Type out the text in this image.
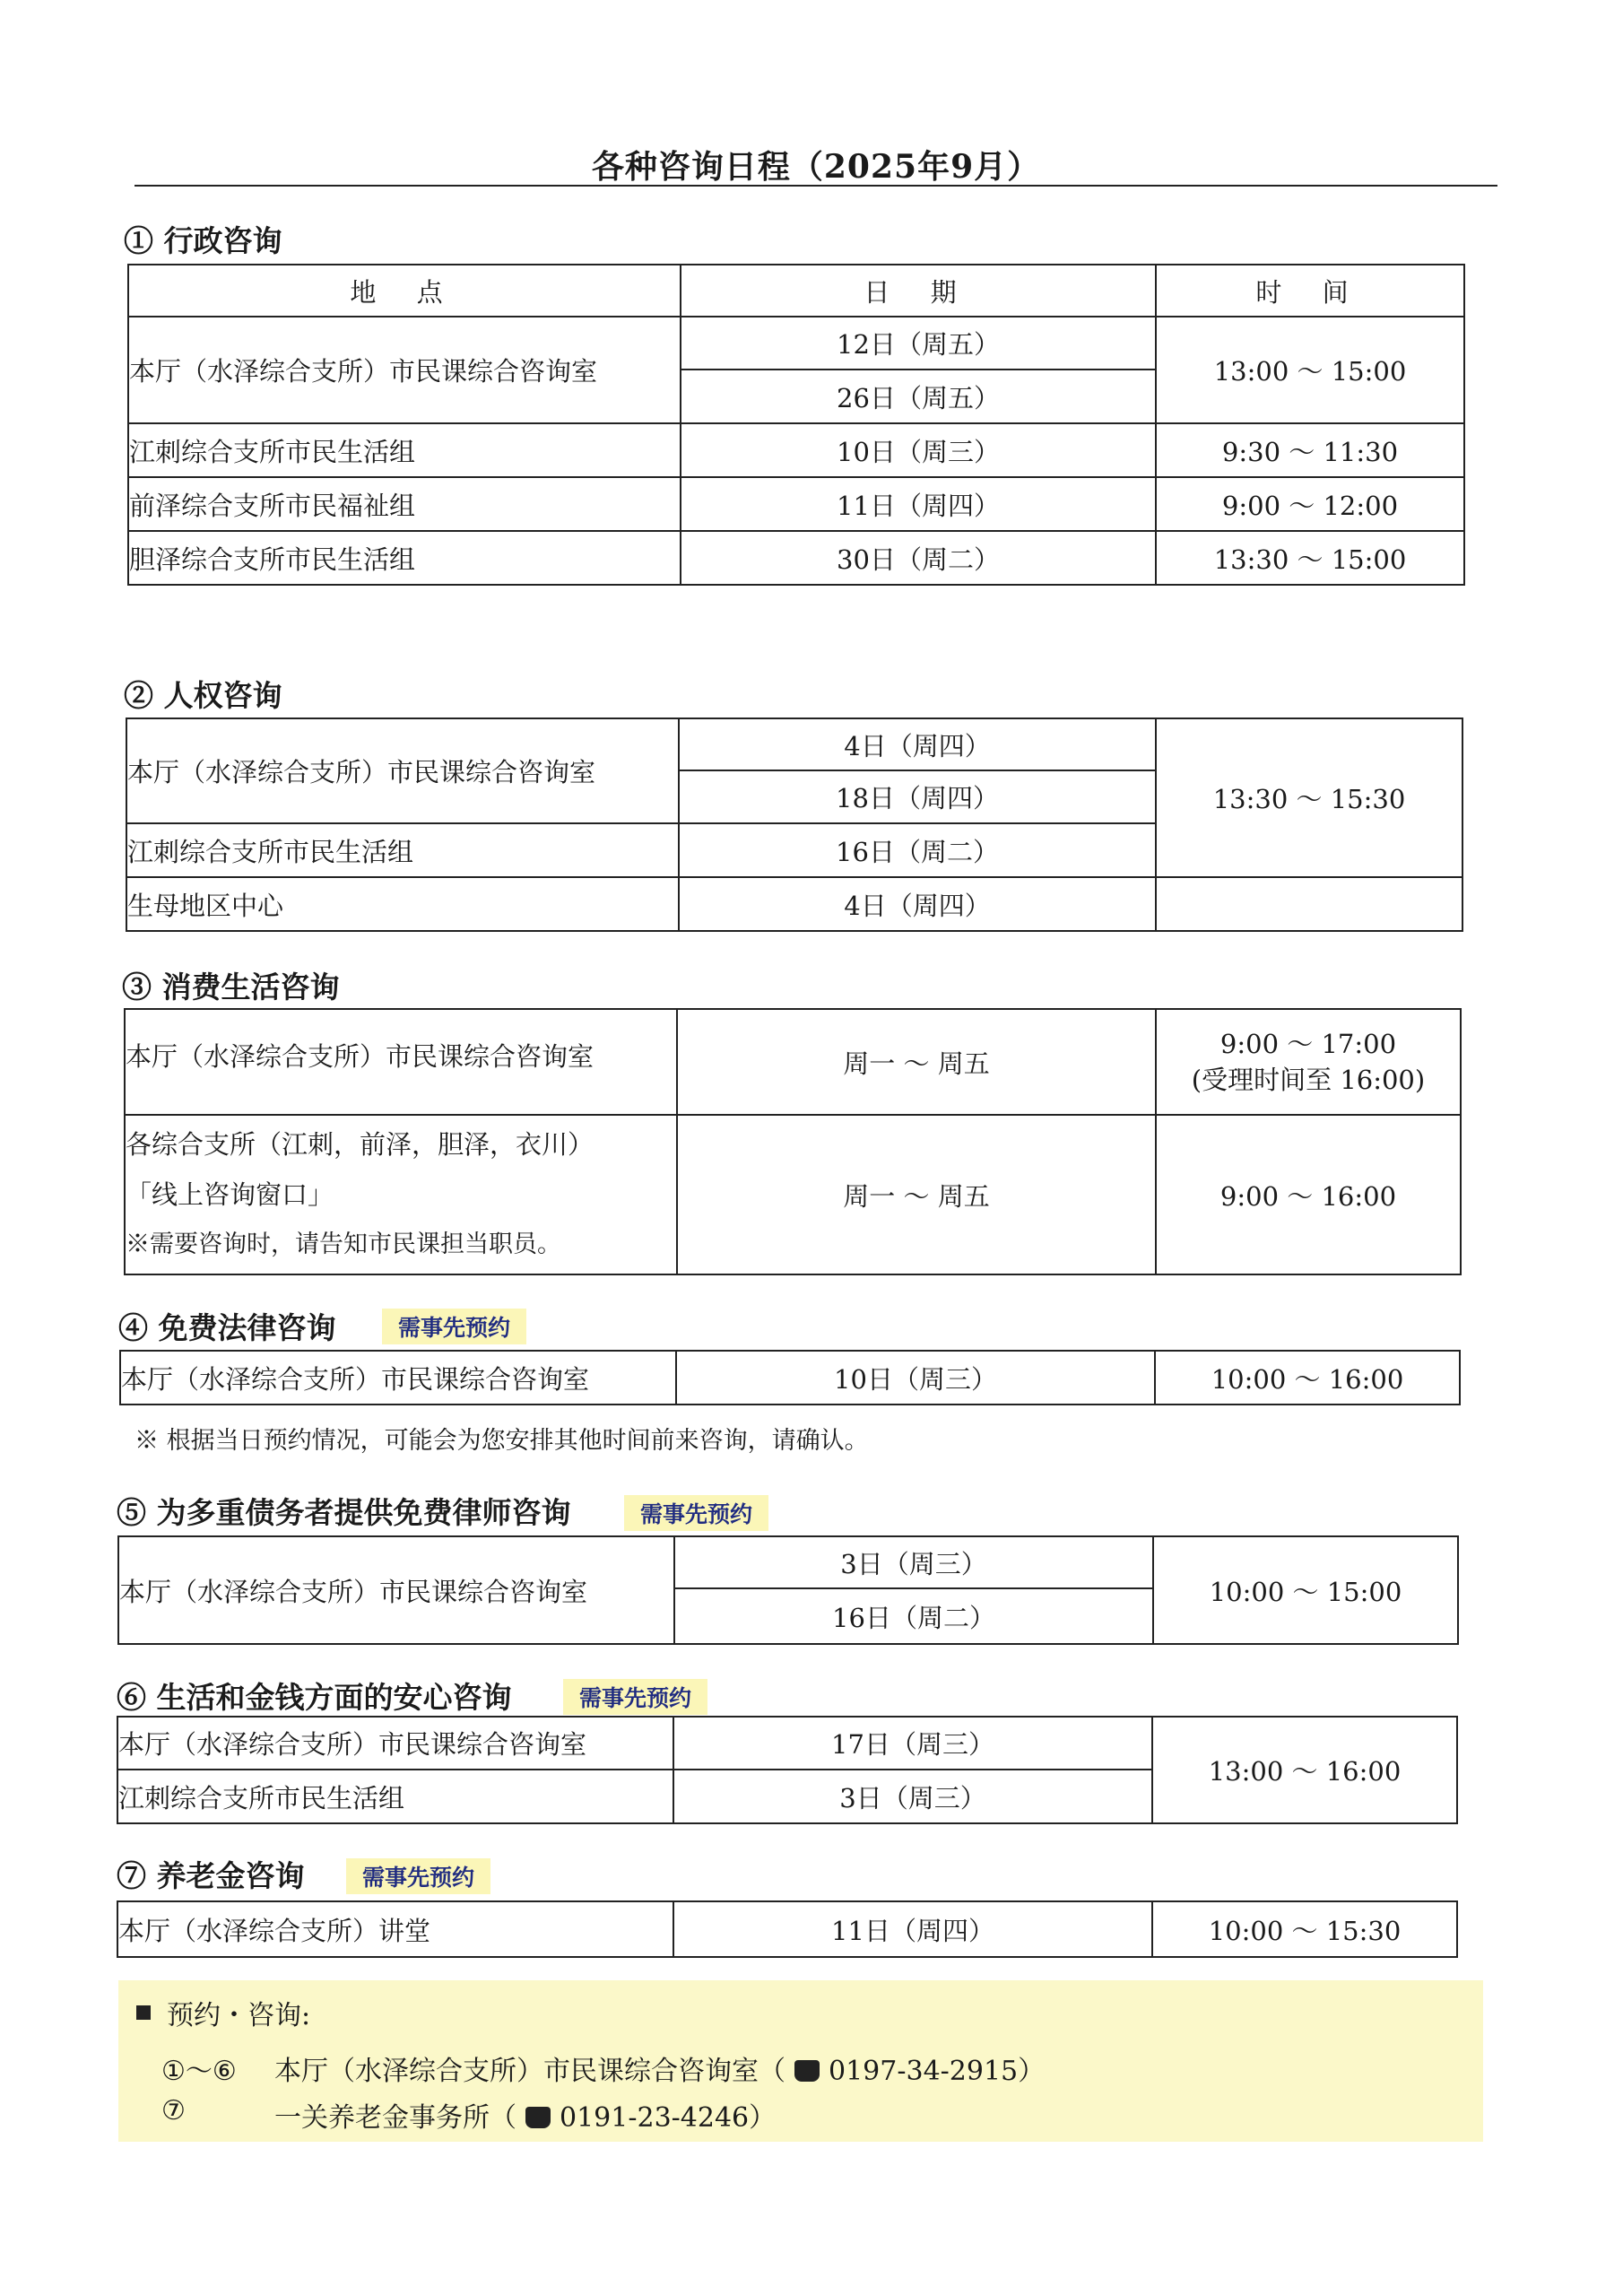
各种咨询日程（2025年9月）
① 行政咨询
地 点	日 期	时 间
本厅（水泽综合支所）市民课综合咨询室	12日（周五）	13:00 ～ 15:00
	26日（周五）	
江刺综合支所市民生活组	10日（周三）	9:30 ～ 11:30
前泽综合支所市民福祉组	11日（周四）	9:00 ～ 12:00
胆泽综合支所市民生活组	30日（周二）	13:30 ～ 15:00
② 人权咨询
本厅（水泽综合支所）市民课综合咨询室	4日（周四）	13:30 ～ 15:30
	18日（周四）	
江刺综合支所市民生活组	16日（周二）	
生母地区中心	4日（周四）	
③ 消费生活咨询
本厅（水泽综合支所）市民课综合咨询室	周一 ～ 周五	9:00 ～ 17:00
(受理时间至 16:00)

各综合支所（江刺，前泽，胆泽，衣川）
「线上咨询窗口」
※需要咨询时，请告知市民课担当职员。	周一 ～ 周五	9:00 ～ 16:00
④ 免费法律咨询	需事先预约
本厅（水泽综合支所）市民课综合咨询室	10日（周三）	10:00 ～ 16:00
※ 根据当日预约情况，可能会为您安排其他时间前来咨询，请确认。
⑤ 为多重债务者提供免费律师咨询	需事先预约
本厅（水泽综合支所）市民课综合咨询室	3日（周三）	10:00 ～ 15:00
16日（周二）
⑥ 生活和金钱方面的安心咨询	需事先预约
本厅（水泽综合支所）市民课综合咨询室	17日（周三）	13:00 ～ 16:00
江刺综合支所市民生活组	3日（周三）	
⑦ 养老金咨询	需事先预约
本厅（水泽综合支所）讲堂	11日（周四）	10:00 ～ 15:30
预约・咨询:
①～⑥ 本厅（水泽综合支所）市民课综合咨询室（ 0197-34-2915）
⑦	一关养老金事务所（ 0191-23-4246）
